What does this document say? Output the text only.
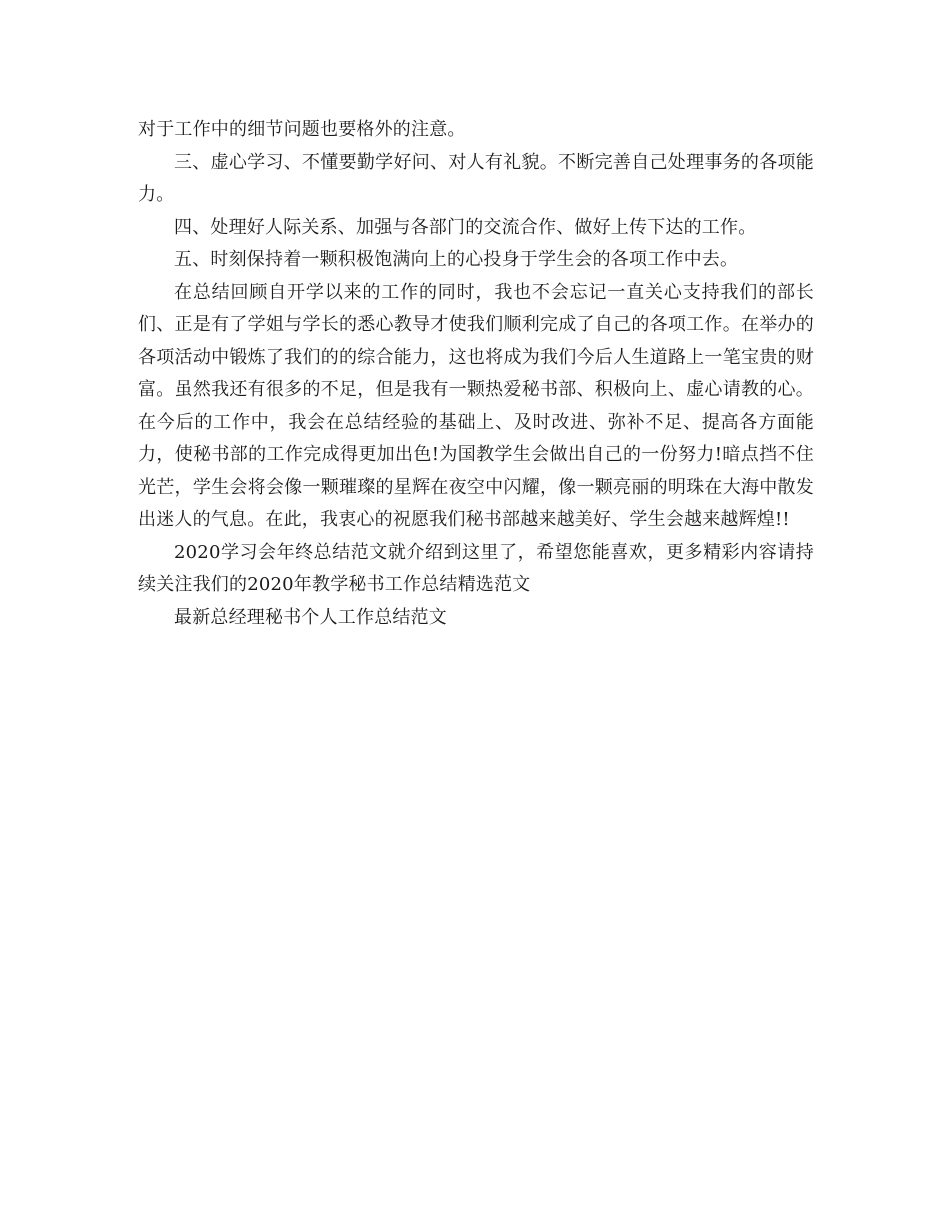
对于工作中的细节问题也要格外的注意。

三、虚心学习、不懂要勤学好问、对人有礼貌。不断完善自己处理事务的各项能力。

四、处理好人际关系、加强与各部门的交流合作、做好上传下达的工作。

五、时刻保持着一颗积极饱满向上的心投身于学生会的各项工作中去。

在总结回顾自开学以来的工作的同时，我也不会忘记一直关心支持我们的部长们、正是有了学姐与学长的悉心教导才使我们顺利完成了自己的各项工作。在举办的各项活动中锻炼了我们的的综合能力，这也将成为我们今后人生道路上一笔宝贵的财富。虽然我还有很多的不足，但是我有一颗热爱秘书部、积极向上、虚心请教的心。在今后的工作中，我会在总结经验的基础上、及时改进、弥补不足、提高各方面能力，使秘书部的工作完成得更加出色!为国教学生会做出自己的一份努力!暗点挡不住光芒，学生会将会像一颗璀璨的星辉在夜空中闪耀，像一颗亮丽的明珠在大海中散发出迷人的气息。在此，我衷心的祝愿我们秘书部越来越美好、学生会越来越辉煌!!

2020学习会年终总结范文就介绍到这里了，希望您能喜欢，更多精彩内容请持续关注我们的2020年教学秘书工作总结精选范文

最新总经理秘书个人工作总结范文
